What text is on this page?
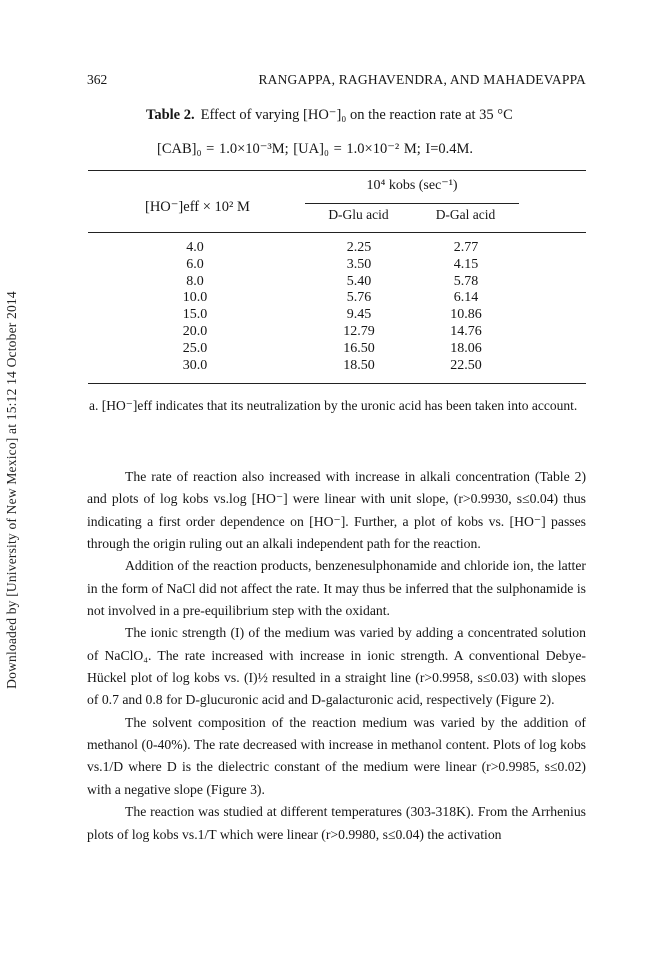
Downloaded by [University of New Mexico] at 15:12 14 October 2014
362	RANGAPPA, RAGHAVENDRA, AND MAHADEVAPPA
Table 2. Effect of varying [HO⁻]₀ on the reaction rate at 35 °C
[CAB]₀ = 1.0×10⁻³M; [UA]₀ = 1.0×10⁻² M; I=0.4M.
[HO⁻]eff × 10² M
10⁴ kobs (sec⁻¹)
D-Glu acid	D-Gal acid
4.0	2.25	2.77
6.0	3.50	4.15
8.0	5.40	5.78
10.0	5.76	6.14
15.0	9.45	10.86
20.0	12.79	14.76
25.0	16.50	18.06
30.0	18.50	22.50
a. [HO⁻]eff indicates that its neutralization by the uronic acid has been taken into account.

The rate of reaction also increased with increase in alkali concentration (Table 2) and plots of log kobs vs.log [HO⁻] were linear with unit slope, (r>0.9930, s≤0.04) thus indicating a first order dependence on [HO⁻]. Further, a plot of kobs vs. [HO⁻] passes through the origin ruling out an alkali independent path for the reaction.

Addition of the reaction products, benzenesulphonamide and chloride ion, the latter in the form of NaCl did not affect the rate. It may thus be inferred that the sulphonamide is not involved in a pre-equilibrium step with the oxidant.

The ionic strength (I) of the medium was varied by adding a concentrated solution of NaClO₄. The rate increased with increase in ionic strength. A conventional Debye-Hückel plot of log kobs vs. (I)½ resulted in a straight line (r>0.9958, s≤0.03) with slopes of 0.7 and 0.8 for D-glucuronic acid and D-galacturonic acid, respectively (Figure 2).

The solvent composition of the reaction medium was varied by the addition of methanol (0-40%). The rate decreased with increase in methanol content. Plots of log kobs vs.1/D where D is the dielectric constant of the medium were linear (r>0.9985, s≤0.02) with a negative slope (Figure 3).

The reaction was studied at different temperatures (303-318K). From the Arrhenius plots of log kobs vs.1/T which were linear (r>0.9980, s≤0.04) the activation
